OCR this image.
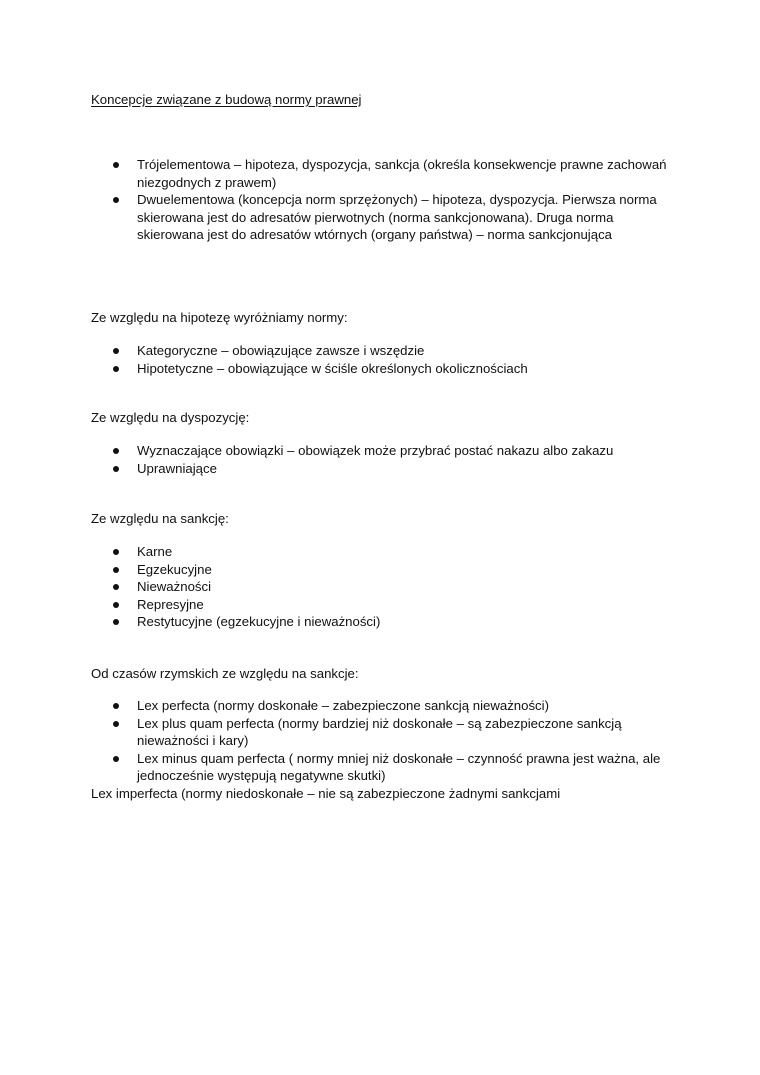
Koncepcje związane z budową normy prawnej
Trójelementowa – hipoteza, dyspozycja, sankcja (określa konsekwencje prawne zachowań niezgodnych z prawem)
Dwuelementowa (koncepcja norm sprzężonych) – hipoteza, dyspozycja. Pierwsza norma skierowana jest do adresatów pierwotnych (norma sankcjonowana). Druga norma skierowana jest do adresatów wtórnych (organy państwa) – norma sankcjonująca
Ze względu na hipotezę wyróżniamy normy:
Kategoryczne – obowiązujące zawsze i wszędzie
Hipotetyczne – obowiązujące w ściśle określonych okolicznościach
Ze względu na dyspozycję:
Wyznaczające obowiązki – obowiązek może przybrać postać nakazu albo zakazu
Uprawniające
Ze względu na sankcję:
Karne
Egzekucyjne
Nieważności
Represyjne
Restytucyjne (egzekucyjne i nieważności)
Od czasów rzymskich ze względu na sankcje:
Lex perfecta (normy doskonałe – zabezpieczone sankcją nieważności)
Lex plus quam perfecta (normy bardziej niż doskonałe – są zabezpieczone sankcją nieważności i kary)
Lex minus quam perfecta ( normy mniej niż doskonałe – czynność prawna jest ważna, ale jednocześnie występują negatywne skutki)
Lex imperfecta (normy niedoskonałe – nie są zabezpieczone żadnymi sankcjami
